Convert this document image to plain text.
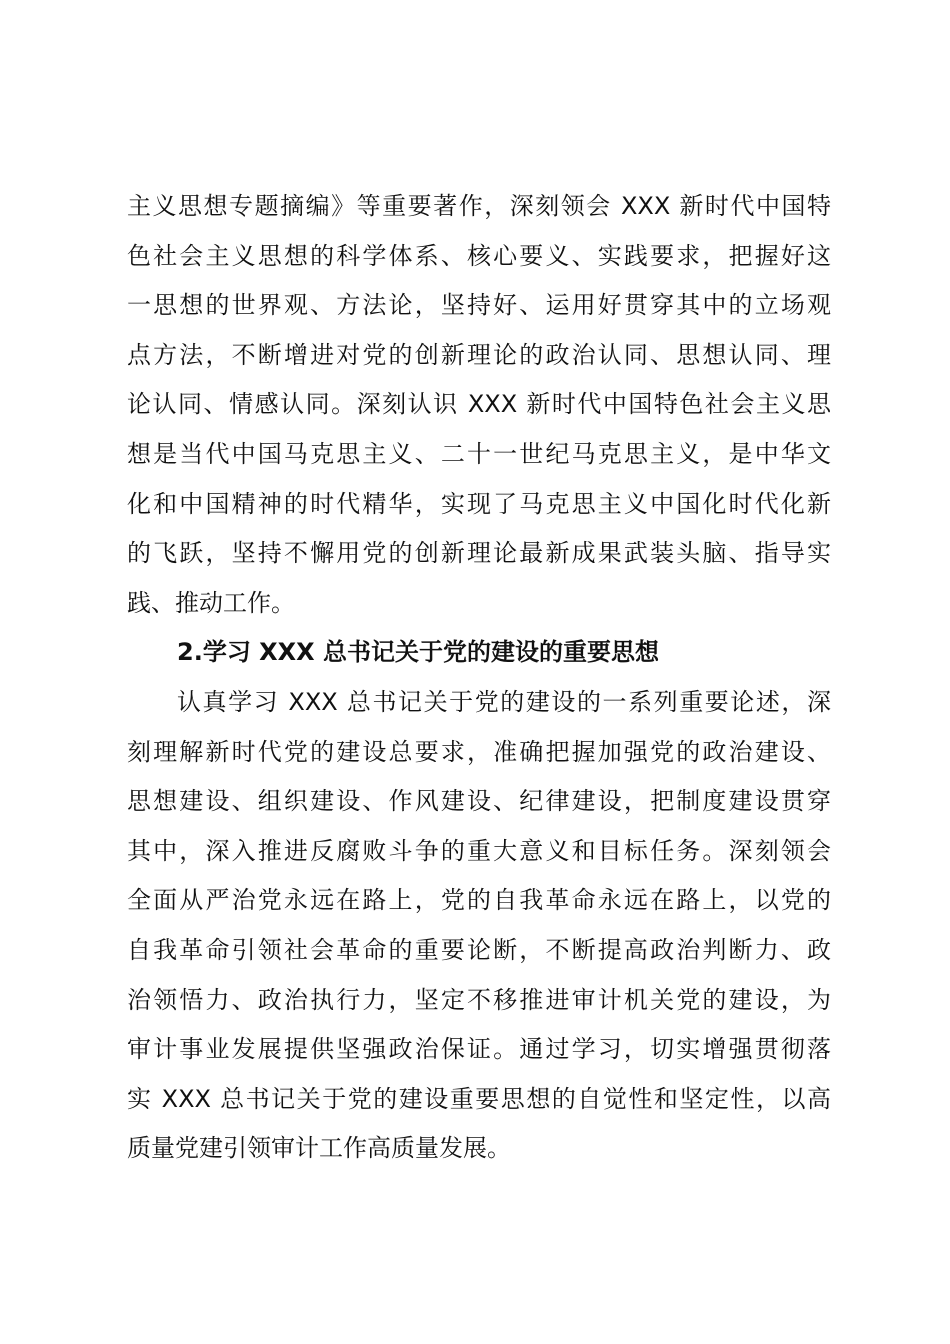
主义思想专题摘编》等重要著作，深刻领会 XXX 新时代中国特
色社会主义思想的科学体系、核心要义、实践要求，把握好这
一思想的世界观、方法论，坚持好、运用好贯穿其中的立场观
点方法，不断增进对党的创新理论的政治认同、思想认同、理
论认同、情感认同。深刻认识 XXX 新时代中国特色社会主义思
想是当代中国马克思主义、二十一世纪马克思主义，是中华文
化和中国精神的时代精华，实现了马克思主义中国化时代化新
的飞跃，坚持不懈用党的创新理论最新成果武装头脑、指导实
践、推动工作。
2.学习 XXX 总书记关于党的建设的重要思想
认真学习 XXX 总书记关于党的建设的一系列重要论述，深
刻理解新时代党的建设总要求，准确把握加强党的政治建设、
思想建设、组织建设、作风建设、纪律建设，把制度建设贯穿
其中，深入推进反腐败斗争的重大意义和目标任务。深刻领会
全面从严治党永远在路上，党的自我革命永远在路上，以党的
自我革命引领社会革命的重要论断，不断提高政治判断力、政
治领悟力、政治执行力，坚定不移推进审计机关党的建设，为
审计事业发展提供坚强政治保证。通过学习，切实增强贯彻落
实 XXX 总书记关于党的建设重要思想的自觉性和坚定性，以高
质量党建引领审计工作高质量发展。
